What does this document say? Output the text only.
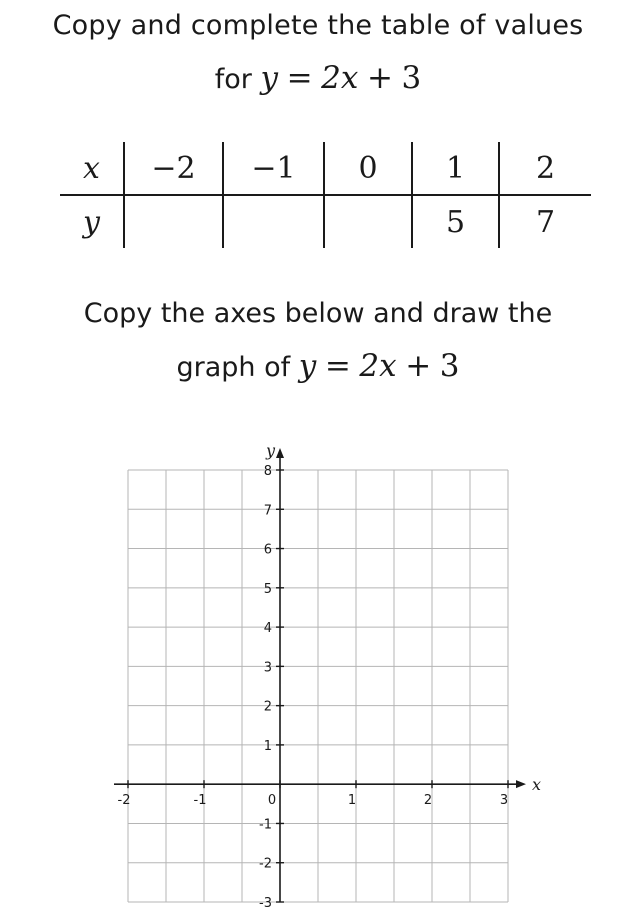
Copy and complete the table of values
for y = 2x + 3
x	−2	−1	0	1	2
y				5	7
Copy the axes below and draw the
graph of y = 2x + 3
x
y
-2	-1	0	1	2	3
-3
-2
-1
1
2
3
4
5
6
7
8
